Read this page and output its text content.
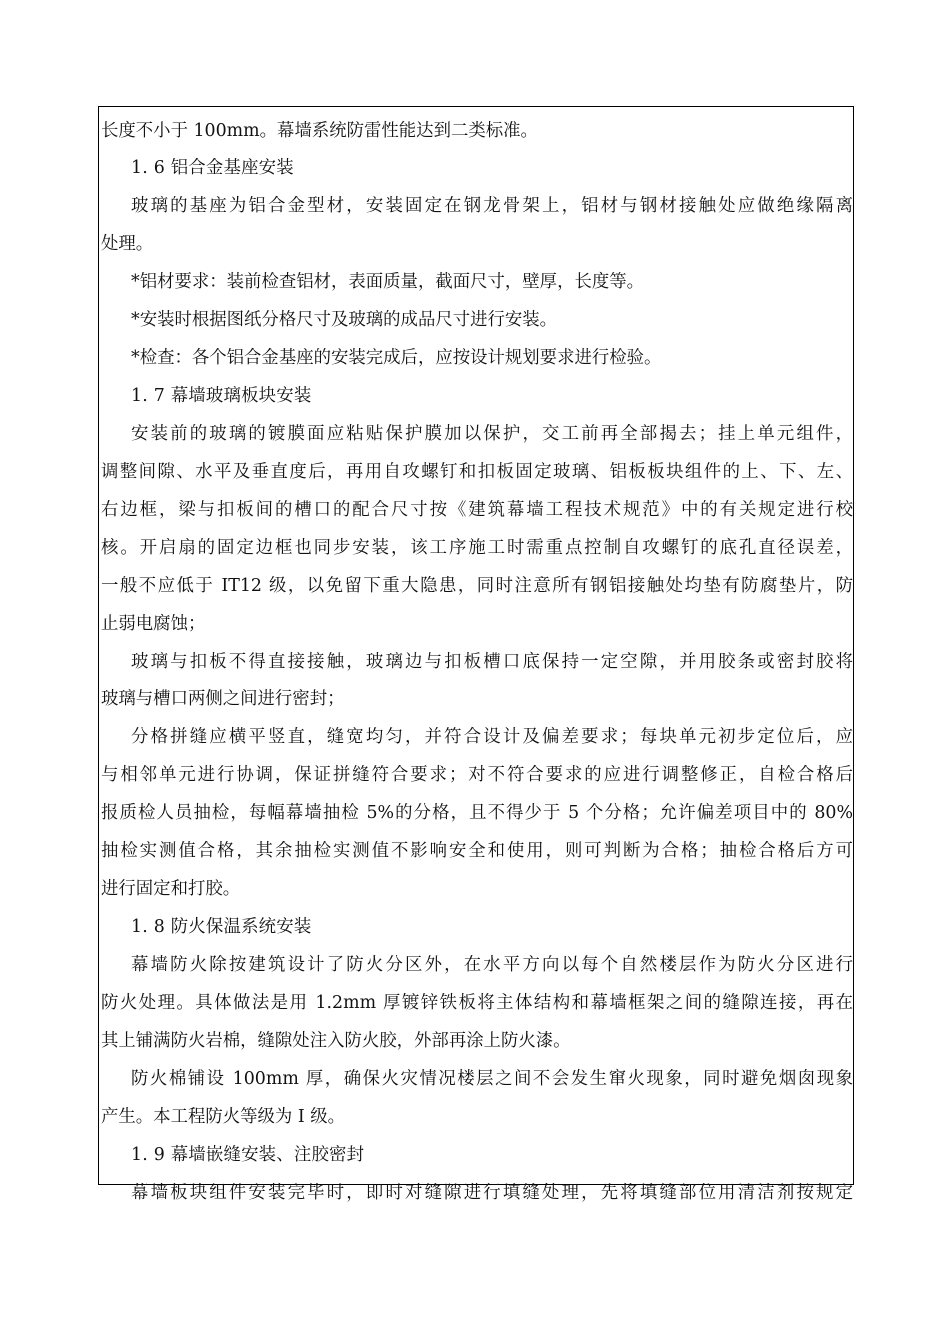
长度不小于 100mm。幕墙系统防雷性能达到二类标准。
1. 6 铝合金基座安装
玻璃的基座为铝合金型材，安装固定在钢龙骨架上，铝材与钢材接触处应做绝缘隔离
处理。
*铝材要求：装前检查铝材，表面质量，截面尺寸，壁厚，长度等。
*安装时根据图纸分格尺寸及玻璃的成品尺寸进行安装。
*检查：各个铝合金基座的安装完成后，应按设计规划要求进行检验。
1. 7 幕墙玻璃板块安装
安装前的玻璃的镀膜面应粘贴保护膜加以保护，交工前再全部揭去；挂上单元组件，
调整间隙、水平及垂直度后，再用自攻螺钉和扣板固定玻璃、铝板板块组件的上、下、左、
右边框，梁与扣板间的槽口的配合尺寸按《建筑幕墙工程技术规范》中的有关规定进行校
核。开启扇的固定边框也同步安装，该工序施工时需重点控制自攻螺钉的底孔直径误差，
一般不应低于 IT12 级，以免留下重大隐患，同时注意所有钢铝接触处均垫有防腐垫片，防
止弱电腐蚀；
玻璃与扣板不得直接接触，玻璃边与扣板槽口底保持一定空隙，并用胶条或密封胶将
玻璃与槽口两侧之间进行密封；
分格拼缝应横平竖直，缝宽均匀，并符合设计及偏差要求；每块单元初步定位后，应
与相邻单元进行协调，保证拼缝符合要求；对不符合要求的应进行调整修正，自检合格后
报质检人员抽检，每幅幕墙抽检 5%的分格，且不得少于 5 个分格；允许偏差项目中的 80%
抽检实测值合格，其余抽检实测值不影响安全和使用，则可判断为合格；抽检合格后方可
进行固定和打胶。
1. 8 防火保温系统安装
幕墙防火除按建筑设计了防火分区外，在水平方向以每个自然楼层作为防火分区进行
防火处理。具体做法是用 1.2mm 厚镀锌铁板将主体结构和幕墙框架之间的缝隙连接，再在
其上铺满防火岩棉，缝隙处注入防火胶，外部再涂上防火漆。
防火棉铺设 100mm 厚，确保火灾情况楼层之间不会发生窜火现象，同时避免烟囱现象
产生。本工程防火等级为 I 级。
1. 9 幕墙嵌缝安装、注胶密封
幕墙板块组件安装完毕时，即时对缝隙进行填缝处理，先将填缝部位用清洁剂按规定
